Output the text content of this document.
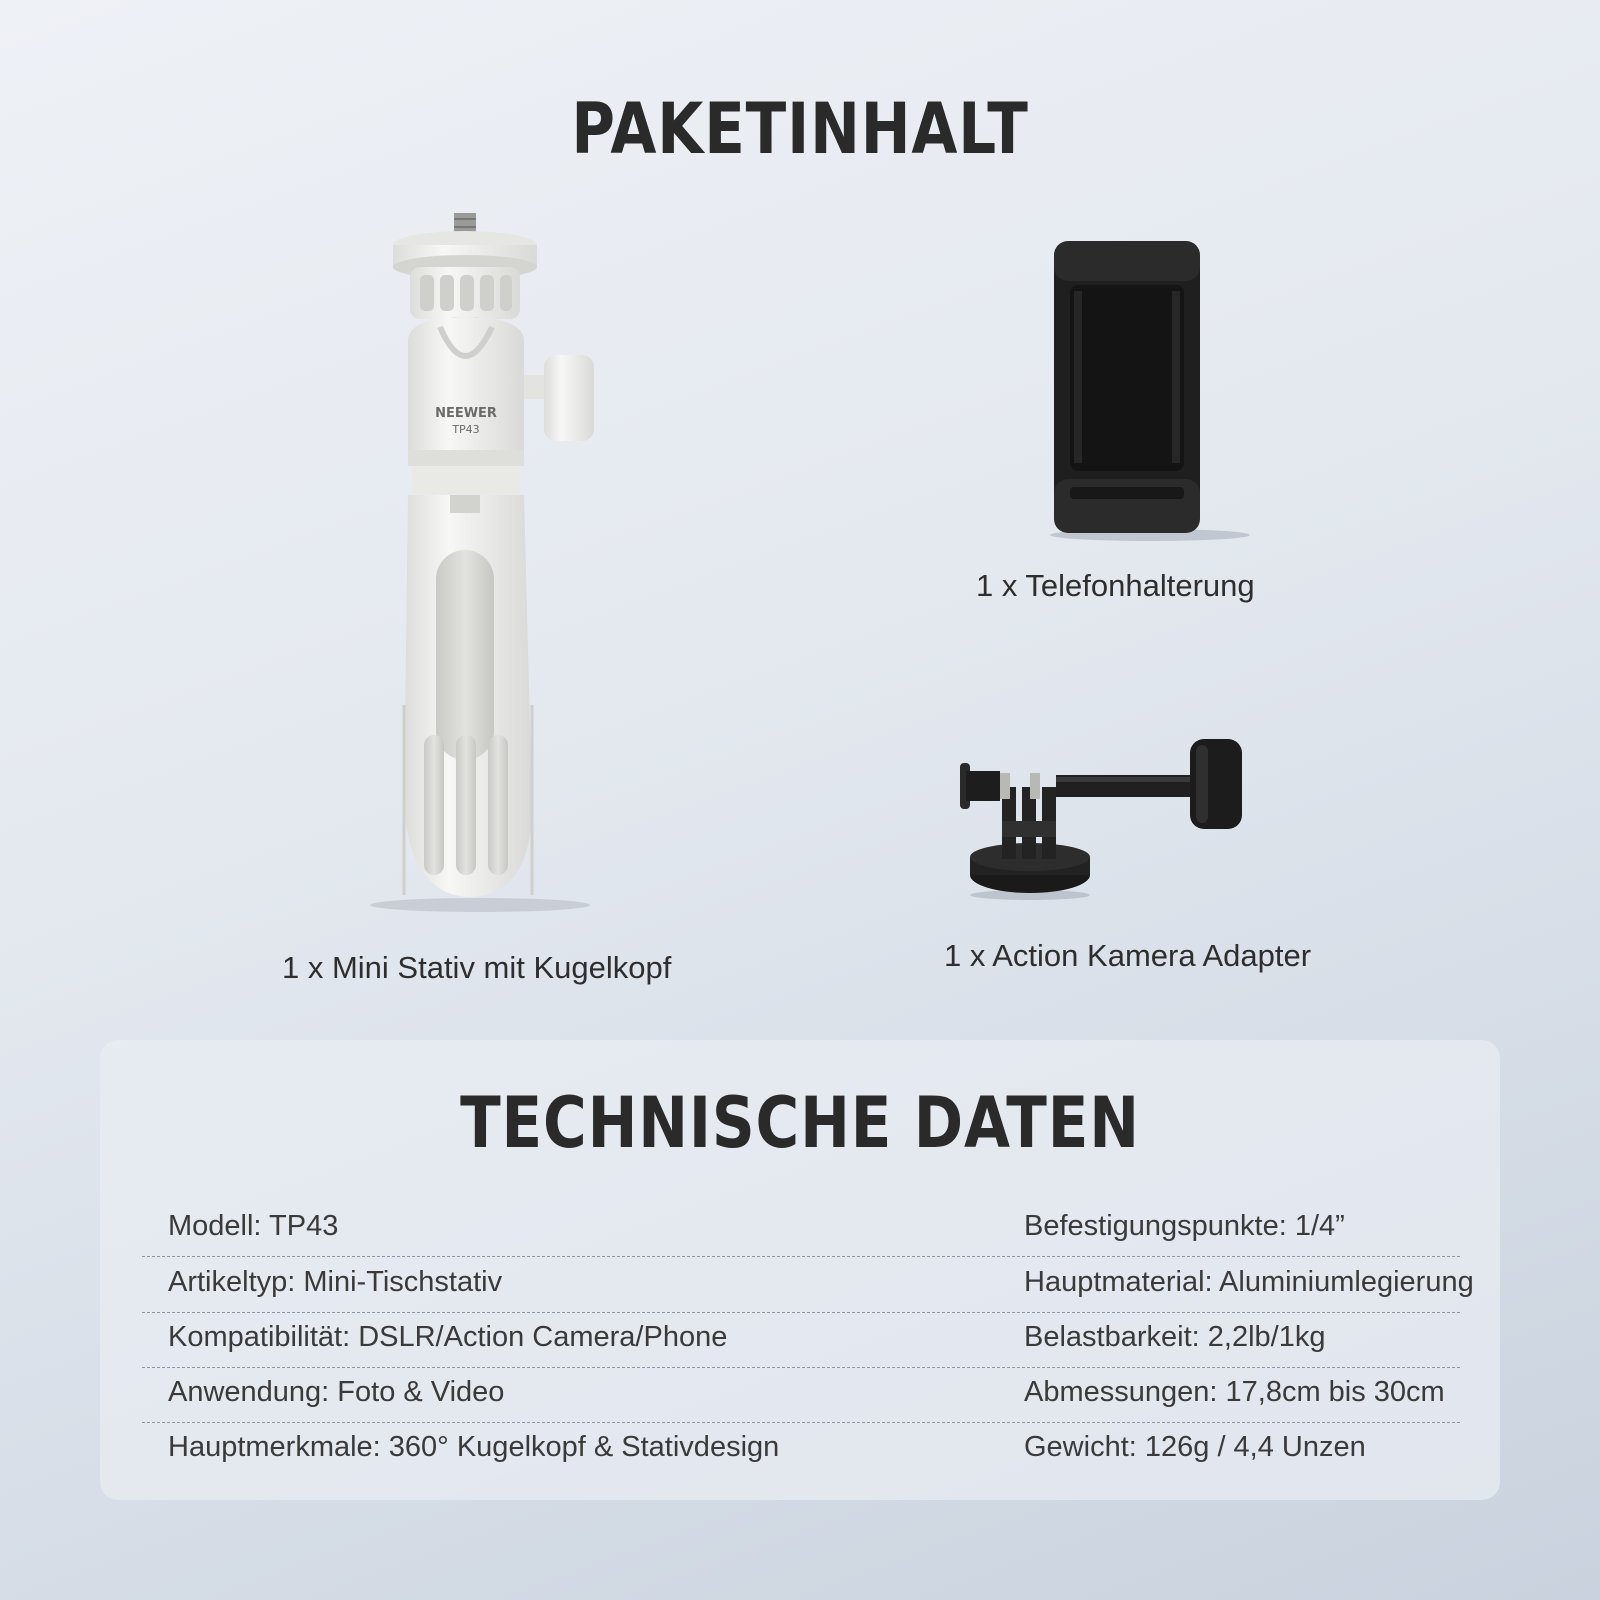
PAKETINHALT
NEEWER
TP43
1 x Mini Stativ mit Kugelkopf
1 x Telefonhalterung
1 x Action Kamera Adapter
TECHNISCHE DATEN
Modell: TP43	Befestigungspunkte: 1/4”
Artikeltyp: Mini-Tischstativ	Hauptmaterial: Aluminiumlegierung
Kompatibilität: DSLR/Action Camera/Phone	Belastbarkeit: 2,2lb/1kg
Anwendung: Foto & Video	Abmessungen: 17,8cm bis 30cm
Hauptmerkmale: 360° Kugelkopf & Stativdesign	Gewicht: 126g / 4,4 Unzen
